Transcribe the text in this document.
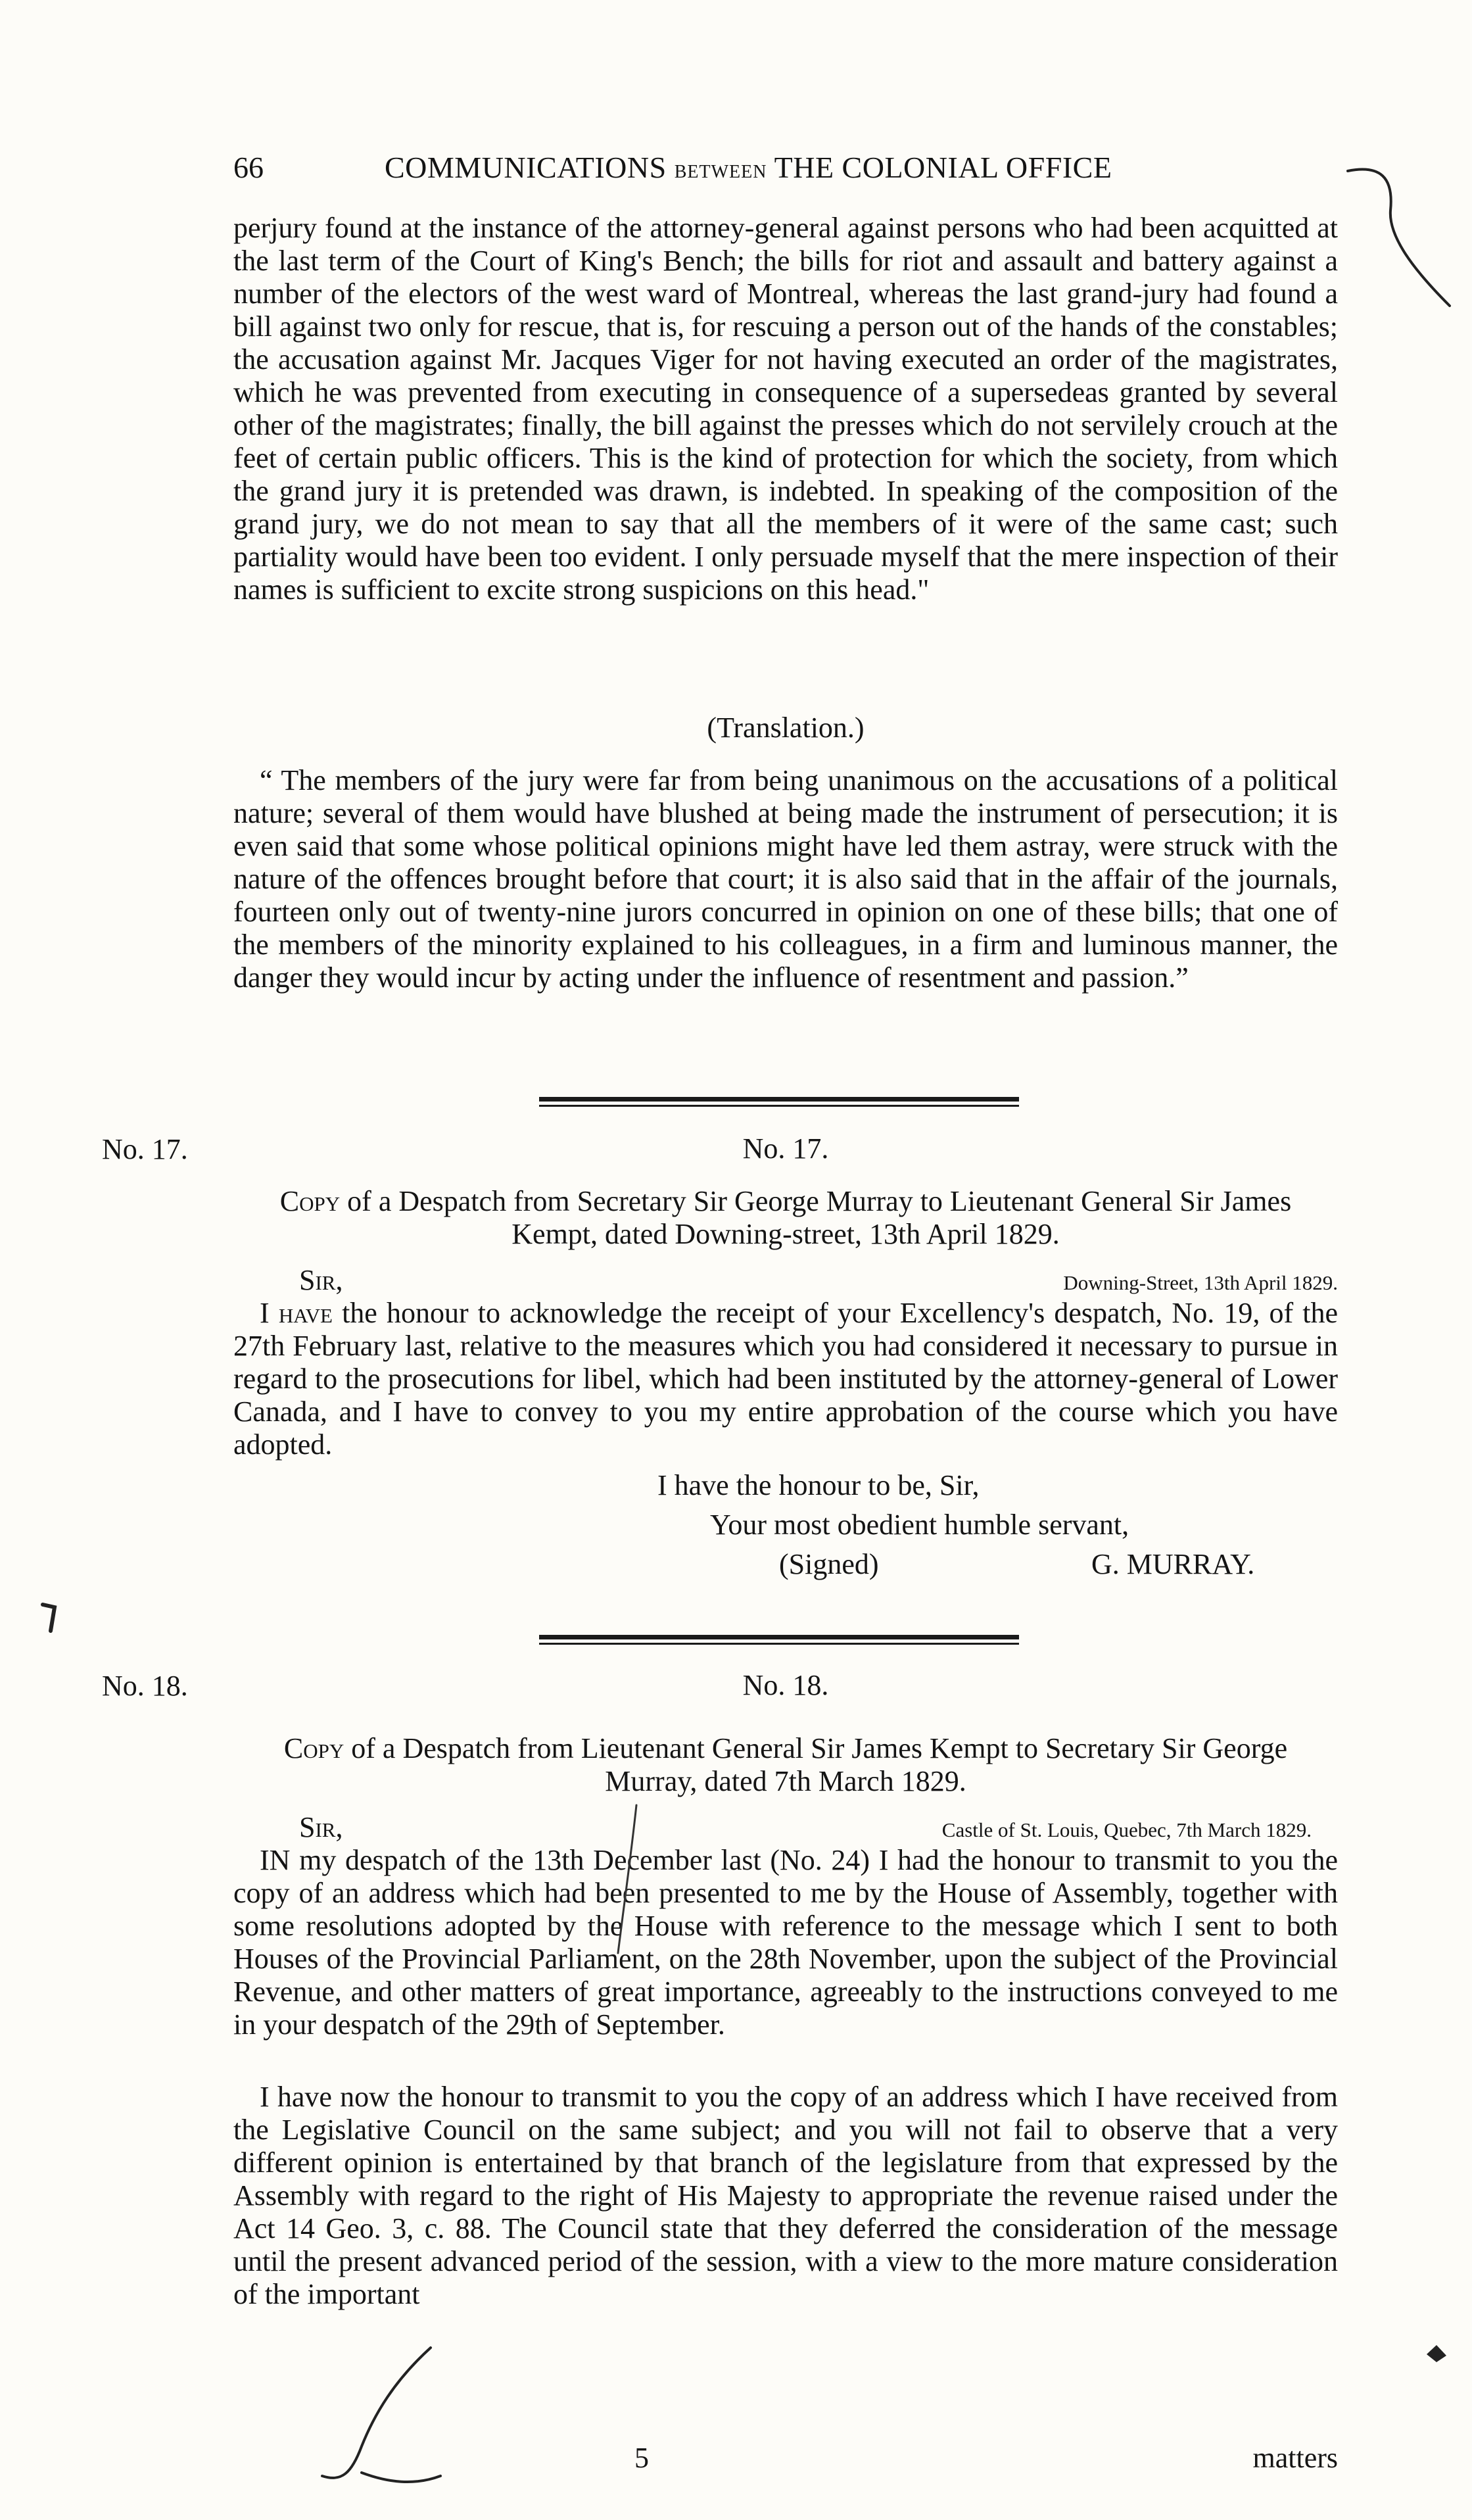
66	COMMUNICATIONS BETWEEN THE COLONIAL OFFICE

perjury found at the instance of the attorney-general against persons who had been acquitted at the last term of the Court of King's Bench; the bills for riot and assault and battery against a number of the electors of the west ward of Montreal, whereas the last grand-jury had found a bill against two only for rescue, that is, for rescuing a person out of the hands of the constables; the accusation against Mr. Jacques Viger for not having executed an order of the magistrates, which he was prevented from executing in consequence of a supersedeas granted by several other of the magistrates; finally, the bill against the presses which do not servilely crouch at the feet of certain public officers. This is the kind of protection for which the society, from which the grand jury it is pretended was drawn, is indebted. In speaking of the composition of the grand jury, we do not mean to say that all the members of it were of the same cast; such partiality would have been too evident. I only persuade myself that the mere inspection of their names is sufficient to excite strong suspicions on this head."

(Translation.)

“ The members of the jury were far from being unanimous on the accusations of a political nature; several of them would have blushed at being made the instrument of persecution; it is even said that some whose political opinions might have led them astray, were struck with the nature of the offences brought before that court; it is also said that in the affair of the journals, fourteen only out of twenty-nine jurors concurred in opinion on one of these bills; that one of the members of the minority explained to his colleagues, in a firm and luminous manner, the danger they would incur by acting under the influence of resentment and passion.”

No. 17.	No. 17.

Copy of a Despatch from Secretary Sir George Murray to Lieutenant General Sir James Kempt, dated Downing-street, 13th April 1829.

Sir,	Downing-Street, 13th April 1829.

I have the honour to acknowledge the receipt of your Excellency's despatch, No. 19, of the 27th February last, relative to the measures which you had considered it necessary to pursue in regard to the prosecutions for libel, which had been instituted by the attorney-general of Lower Canada, and I have to convey to you my entire approbation of the course which you have adopted.

I have the honour to be, Sir,
Your most obedient humble servant,
(Signed)	G. MURRAY.
No. 18.	No. 18.

Copy of a Despatch from Lieutenant General Sir James Kempt to Secretary Sir George Murray, dated 7th March 1829.

Sir,	Castle of St. Louis, Quebec, 7th March 1829.

IN my despatch of the 13th December last (No. 24) I had the honour to transmit to you the copy of an address which had been presented to me by the House of Assembly, together with some resolutions adopted by the House with reference to the message which I sent to both Houses of the Provincial Parliament, on the 28th November, upon the subject of the Provincial Revenue, and other matters of great importance, agreeably to the instructions conveyed to me in your despatch of the 29th of September.

I have now the honour to transmit to you the copy of an address which I have received from the Legislative Council on the same subject; and you will not fail to observe that a very different opinion is entertained by that branch of the legislature from that expressed by the Assembly with regard to the right of His Majesty to appropriate the revenue raised under the Act 14 Geo. 3, c. 88. The Council state that they deferred the consideration of the message until the present advanced period of the session, with a view to the more mature consideration of the important

5	matters
